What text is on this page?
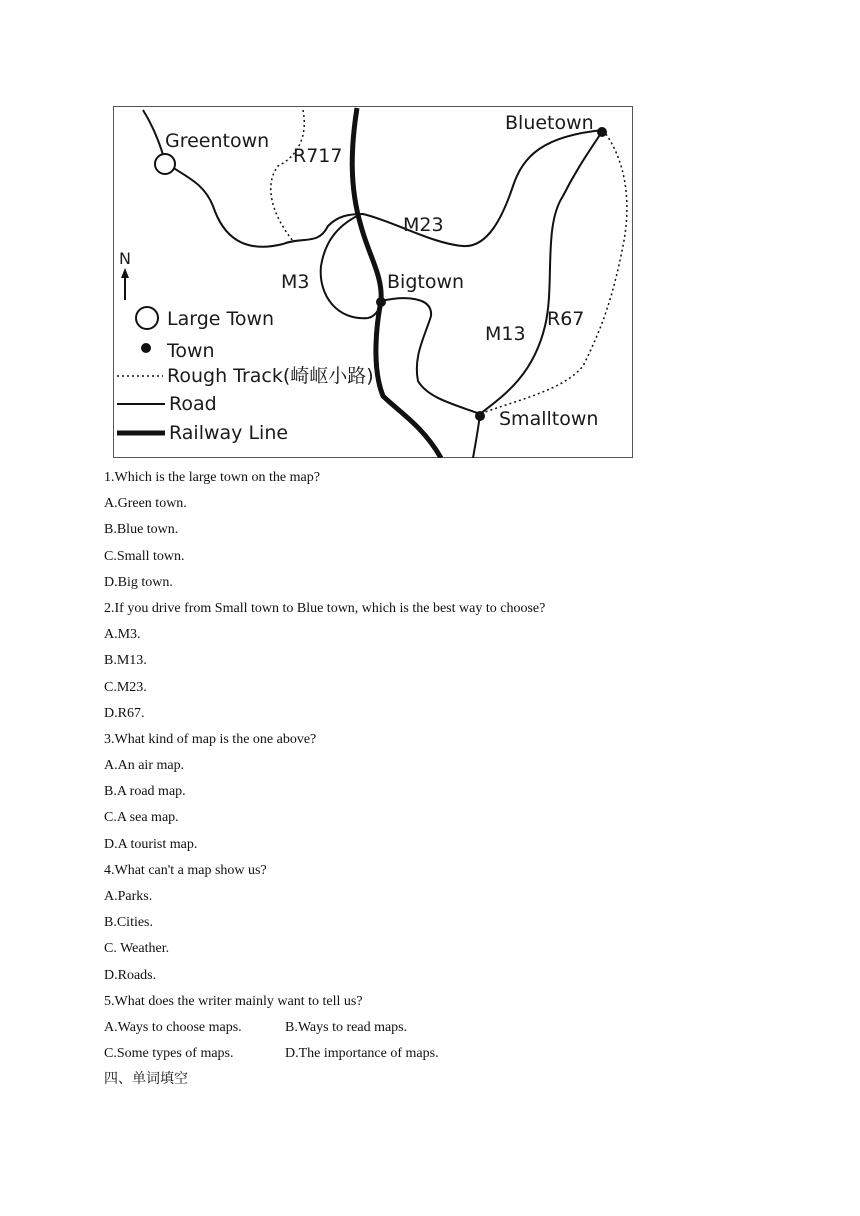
Greentown
Bluetown
Bigtown
Smalltown
R717
M23
M3
M13
R67
N
Large Town
Town
Rough Track(崎岖小路)
Road
Railway Line
1.Which is the large town on the map?
A.Green town.
B.Blue town.
C.Small town.
D.Big town.
2.If you drive from Small town to Blue town, which is the best way to choose?
A.M3.
B.M13.
C.M23.
D.R67.
3.What kind of map is the one above?
A.An air map.
B.A road map.
C.A sea map.
D.A tourist map.
4.What can't a map show us?
A.Parks.
B.Cities.
C. Weather.
D.Roads.
5.What does the writer mainly want to tell us?
A.Ways to choose maps.	B.Ways to read maps.
C.Some types of maps.	D.The importance of maps.
四、单词填空
